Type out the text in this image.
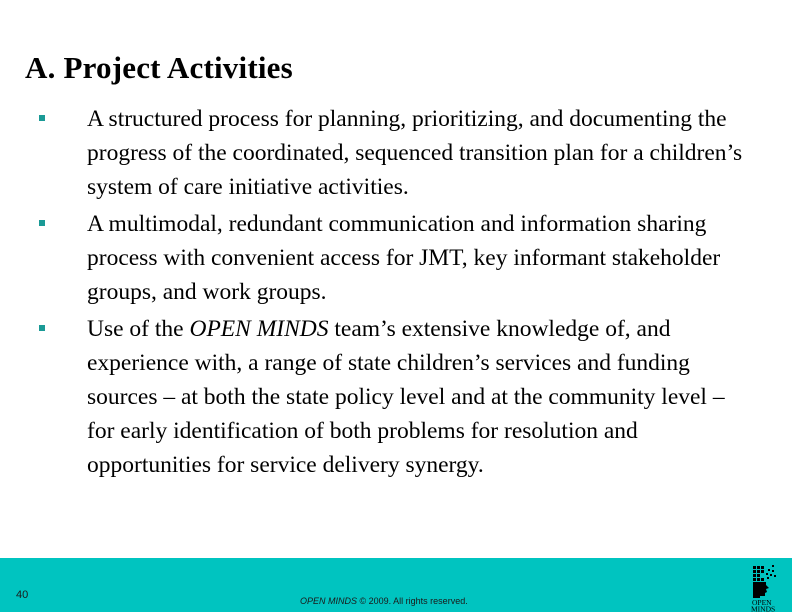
A. Project Activities
A structured process for planning, prioritizing, and documenting the progress of the coordinated, sequenced transition plan for a children’s system of care initiative activities.
A multimodal, redundant communication and information sharing process with convenient access for JMT, key informant stakeholder groups, and work groups.
Use of the OPEN MINDS team’s extensive knowledge of, and experience with, a range of state children’s services and funding sources – at both the state policy level and at the community level – for early identification of both problems for resolution and opportunities for service delivery synergy.
40	OPEN MINDS © 2009. All rights reserved.	OPEN
MINDS
